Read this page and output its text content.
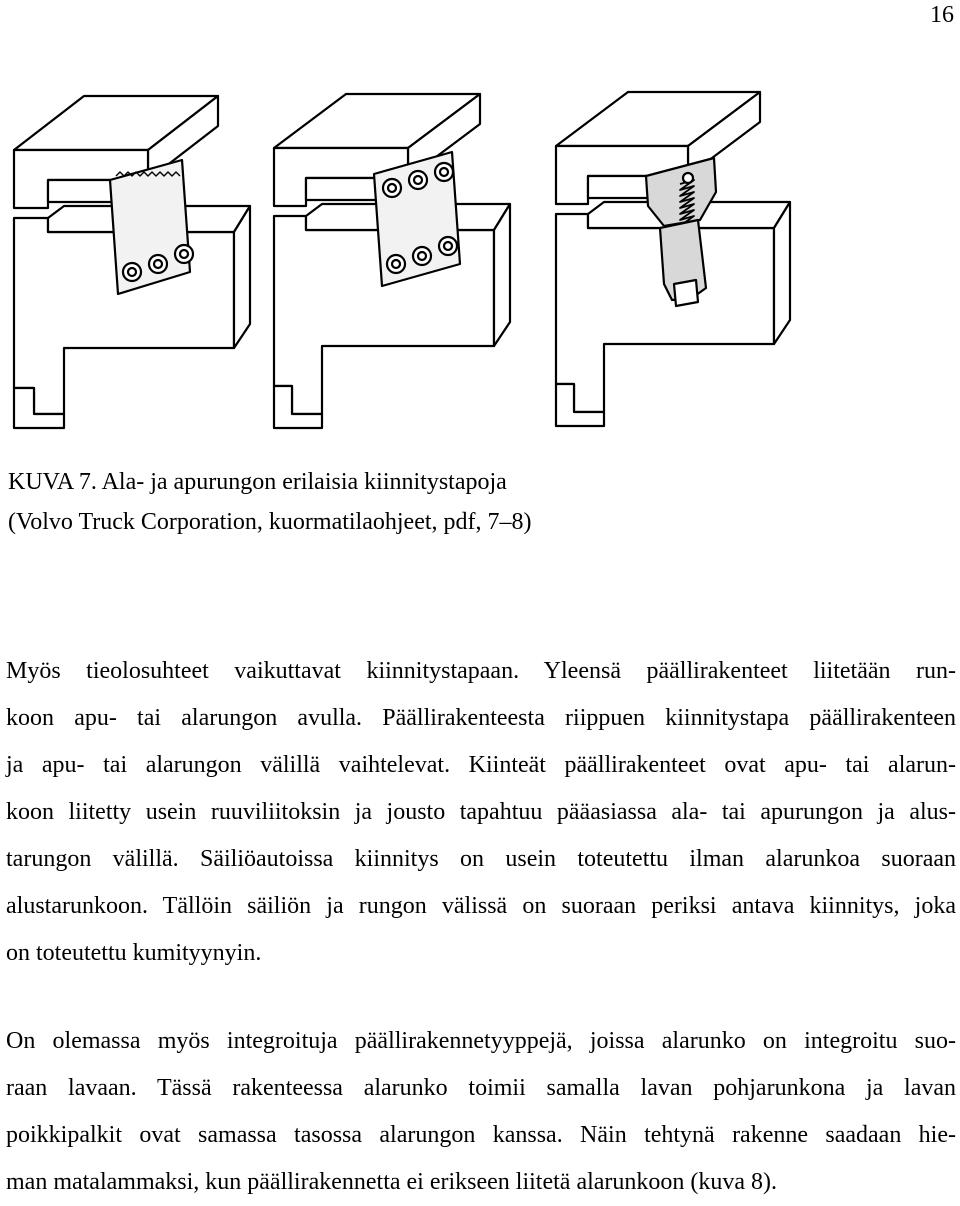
16
KUVA 7. Ala- ja apurungon erilaisia kiinnitystapoja
(Volvo Truck Corporation, kuormatilaohjeet, pdf, 7–8)
Myös tieolosuhteet vaikuttavat kiinnitystapaan. Yleensä päällirakenteet liitetään run-
koon apu- tai alarungon avulla. Päällirakenteesta riippuen kiinnitystapa päällirakenteen
ja apu- tai alarungon välillä vaihtelevat. Kiinteät päällirakenteet ovat apu- tai alarun-
koon liitetty usein ruuviliitoksin ja jousto tapahtuu pääasiassa ala- tai apurungon ja alus-
tarungon välillä. Säiliöautoissa kiinnitys on usein toteutettu ilman alarunkoa suoraan
alustarunkoon. Tällöin säiliön ja rungon välissä on suoraan periksi antava kiinnitys, joka
on toteutettu kumityynyin.
On olemassa myös integroituja päällirakennetyyppejä, joissa alarunko on integroitu suo-
raan lavaan. Tässä rakenteessa alarunko toimii samalla lavan pohjarunkona ja lavan
poikkipalkit ovat samassa tasossa alarungon kanssa. Näin tehtynä rakenne saadaan hie-
man matalammaksi, kun päällirakennetta ei erikseen liitetä alarunkoon (kuva 8).
